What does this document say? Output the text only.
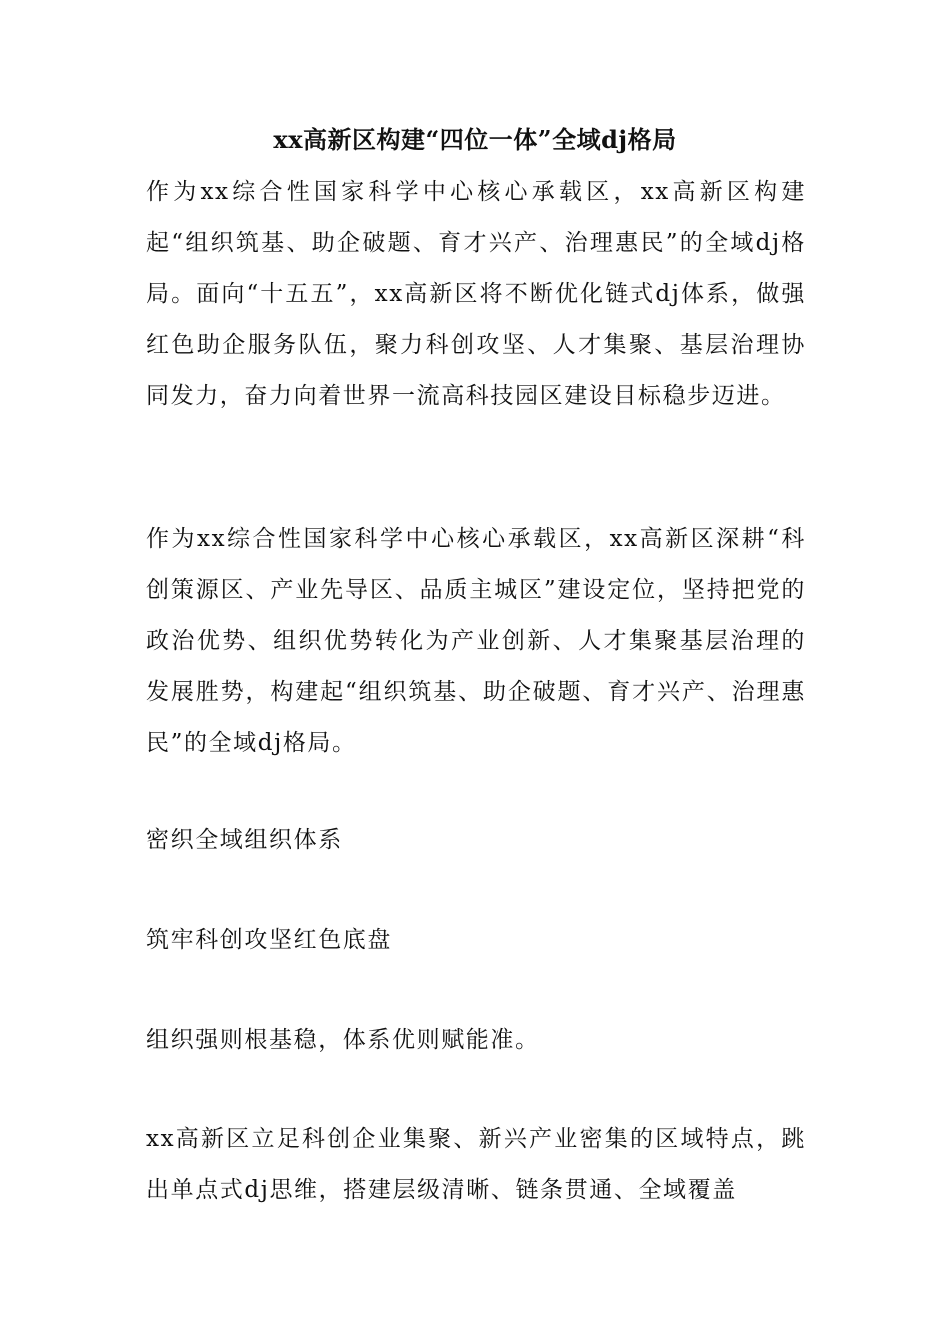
xx高新区构建“四位一体”全域dj格局

作为xx综合性国家科学中心核心承载区，xx高新区构建起“组织筑基、助企破题、育才兴产、治理惠民”的全域dj格局。面向“十五五”，xx高新区将不断优化链式dj体系，做强红色助企服务队伍，聚力科创攻坚、人才集聚、基层治理协同发力，奋力向着世界一流高科技园区建设目标稳步迈进。

作为xx综合性国家科学中心核心承载区，xx高新区深耕“科创策源区、产业先导区、品质主城区”建设定位，坚持把党的政治优势、组织优势转化为产业创新、人才集聚基层治理的发展胜势，构建起“组织筑基、助企破题、育才兴产、治理惠民”的全域dj格局。

密织全域组织体系

筑牢科创攻坚红色底盘

组织强则根基稳，体系优则赋能准。

xx高新区立足科创企业集聚、新兴产业密集的区域特点，跳出单点式dj思维，搭建层级清晰、链条贯通、全域覆盖
